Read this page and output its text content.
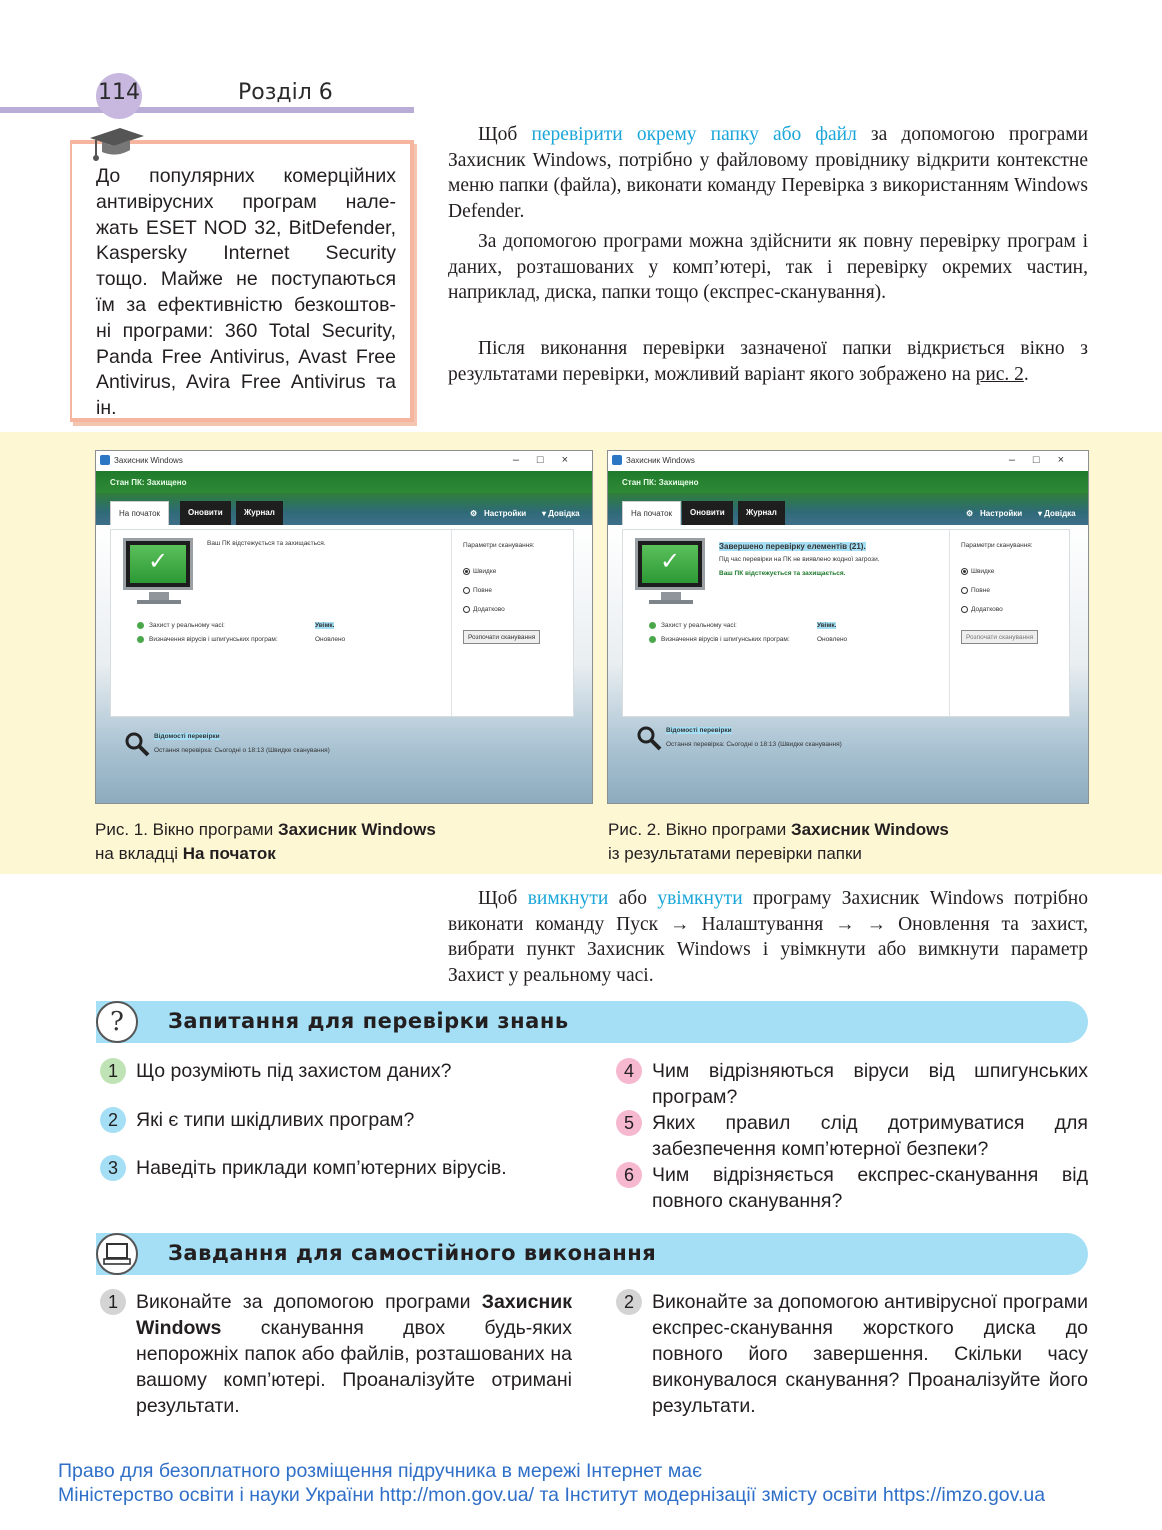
114	Розділ 6
До популярних комерційних
антивірусних програм нале-
жать ESET NOD 32, BitDefender,
Kaspersky Internet Security
тощо. Майже не поступаються
їм за ефективністю безкоштов-
ні програми: 360 Total Security,
Panda Free Antivirus, Avast Free
Antivirus, Avira Free Antivirus та ін.
Щоб перевірити окрему папку або файл за допомогою програми Захисник Windows, потрібно у файловому провіднику відкрити контекстне меню папки (файла), виконати команду Перевірка з використанням Windows Defender.
За допомогою програми можна здійснити як повну перевірку програм і даних, розташованих у комп’ютері, так і перевірку окремих частин, наприклад, диска, папки тощо (експрес-сканування).
Після виконання перевірки зазначеної папки відкриється вікно з результатами перевірки, можливий варіант якого зображено на рис. 2.
Захисник Windows	–□×
Стан ПК: Захищено
На початок	Оновити	Журнал	⚙ Настройки ▾ Довідка
✓
Ваш ПК відстежується та захищається.
Захист у реальному часі:	Увімк.
Визначення вірусів і шпигунських програм:	Оновлено
Параметри сканування:
Швидке
Повне
Додатково
Розпочати сканування
Відомості перевірки
Остання перевірка: Сьогодні о 18:13 (Швидке сканування)
Захисник Windows	–□×
Стан ПК: Захищено
На початок	Оновити	Журнал	⚙ Настройки ▾ Довідка
✓
Завершено перевірку елементів (21).
Під час перевірки на ПК не виявлено жодної загрози.
Ваш ПК відстежується та захищається.
Захист у реальному часі:	Увімк.
Визначення вірусів і шпигунських програм:	Оновлено
Параметри сканування:
Швидке
Повне
Додатково
Розпочати сканування
Відомості перевірки
Остання перевірка: Сьогодні о 18:13 (Швидке сканування)
Рис. 1. Вікно програми Захисник Windows
на вкладці На початок
Рис. 2. Вікно програми Захисник Windows
із результатами перевірки папки
Щоб вимкнути або увімкнути програму Захисник Windows потрібно виконати команду Пуск → Налаштування → → Оновлення та захист, вибрати пункт Захисник Windows і увімкнути або вимкнути параметр Захист у реальному часі.
?	Запитання для перевірки знань
1 Що розуміють під захистом даних?
2 Які є типи шкідливих програм?
3 Наведіть приклади комп’ютерних вірусів.
4 Чим відрізняються віруси від шпигунських програм?
5 Яких правил слід дотримуватися для забезпечення комп’ютерної безпеки?
6 Чим відрізняється експрес-сканування від повного сканування?
Завдання для самостійного виконання
1 Виконайте за допомогою програми Захисник Windows сканування двох будь-яких непорожніх папок або файлів, розташованих на вашому комп’ютері. Проаналізуйте отримані результати.
2 Виконайте за допомогою антивірусної програми експрес-сканування жорсткого диска до повного його завершення. Скільки часу виконувалося сканування? Проаналізуйте його результати.
Право для безоплатного розміщення підручника в мережі Інтернет має
Міністерство освіти і науки України http://mon.gov.ua/ та Інститут модернізації змісту освіти https://imzo.gov.ua
